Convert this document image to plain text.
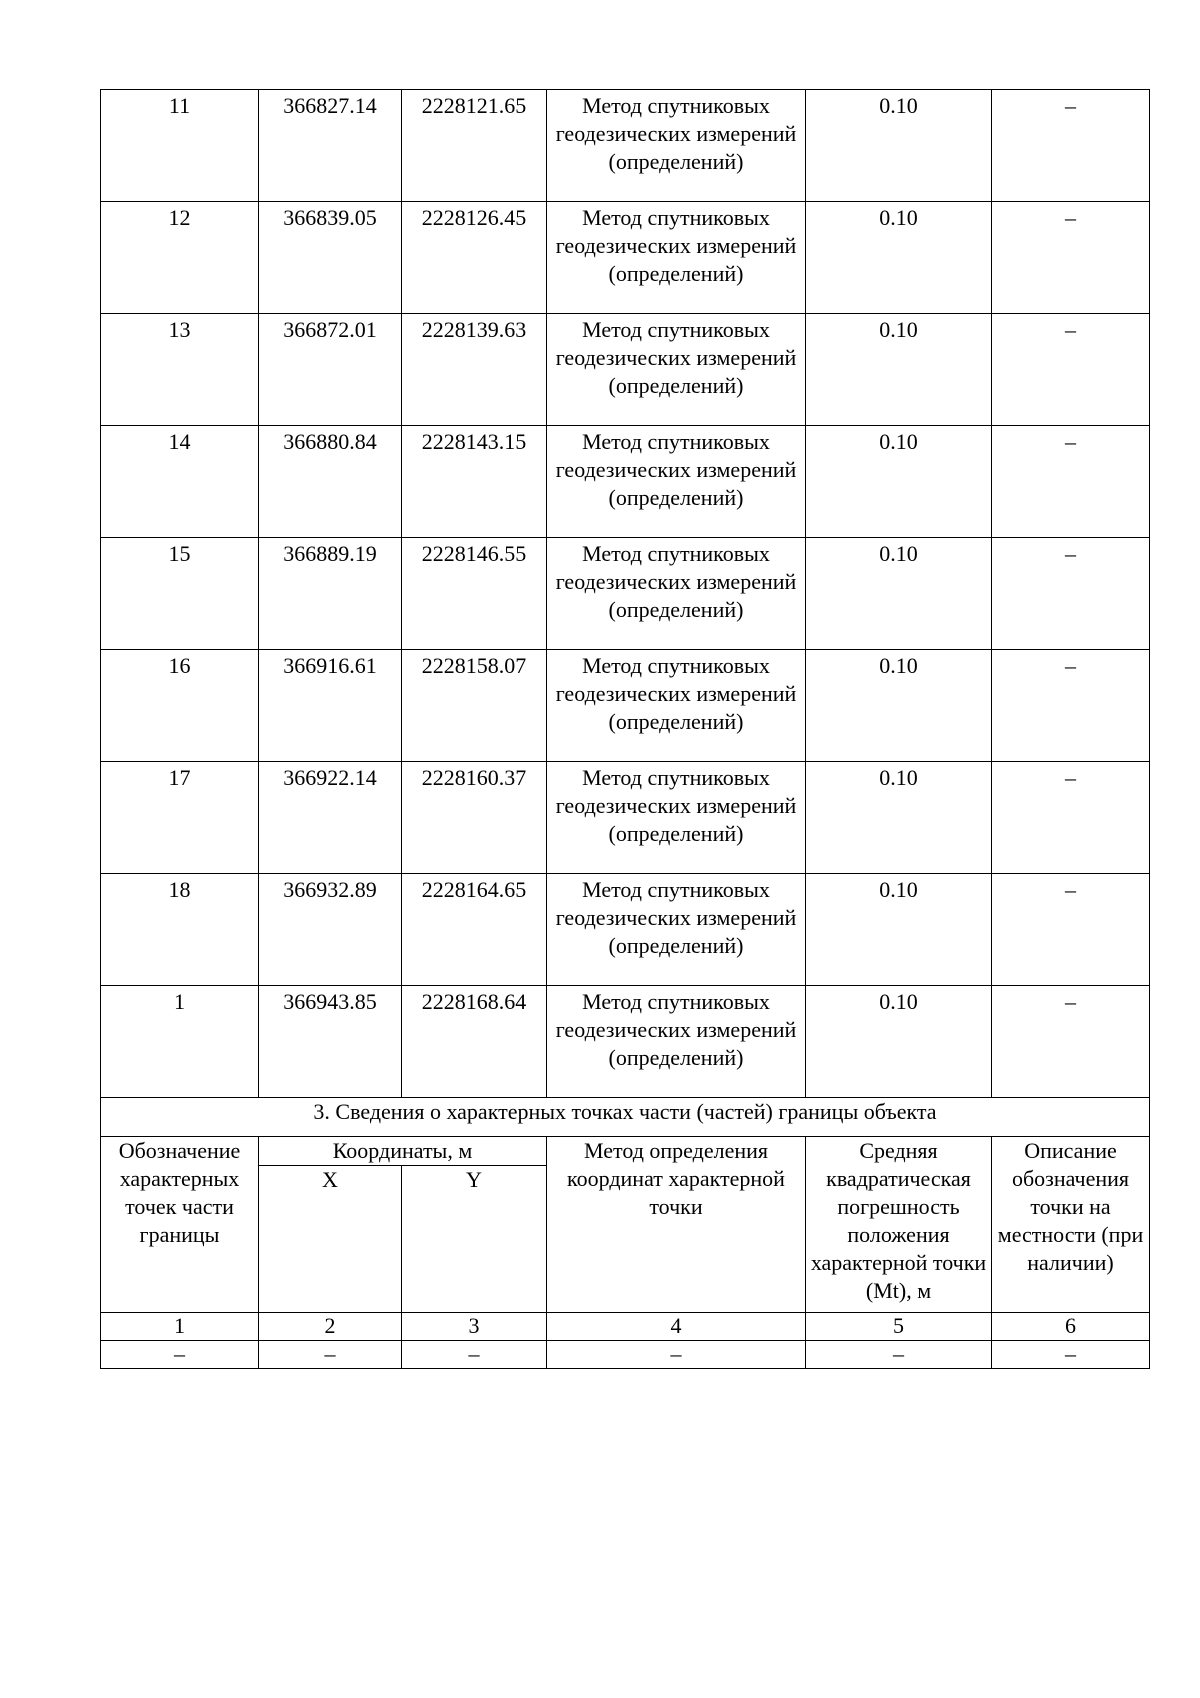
11	366827.14	2228121.65	Метод спутниковых геодезических измерений (определений)	0.10	–
12	366839.05	2228126.45	Метод спутниковых геодезических измерений (определений)	0.10	–
13	366872.01	2228139.63	Метод спутниковых геодезических измерений (определений)	0.10	–
14	366880.84	2228143.15	Метод спутниковых геодезических измерений (определений)	0.10	–
15	366889.19	2228146.55	Метод спутниковых геодезических измерений (определений)	0.10	–
16	366916.61	2228158.07	Метод спутниковых геодезических измерений (определений)	0.10	–
17	366922.14	2228160.37	Метод спутниковых геодезических измерений (определений)	0.10	–
18	366932.89	2228164.65	Метод спутниковых геодезических измерений (определений)	0.10	–
1	366943.85	2228168.64	Метод спутниковых геодезических измерений (определений)	0.10	–
3. Сведения о характерных точках части (частей) границы объекта					
Обозначение характерных точек части границы	Координаты, м		Метод определения координат характерной точки	Средняя квадратическая погрешность положения характерной точки (Mt), м	Описание обозначения точки на местности (при наличии)
	X	Y			
1	2	3	4	5	6
–	–	–	–	–	–
